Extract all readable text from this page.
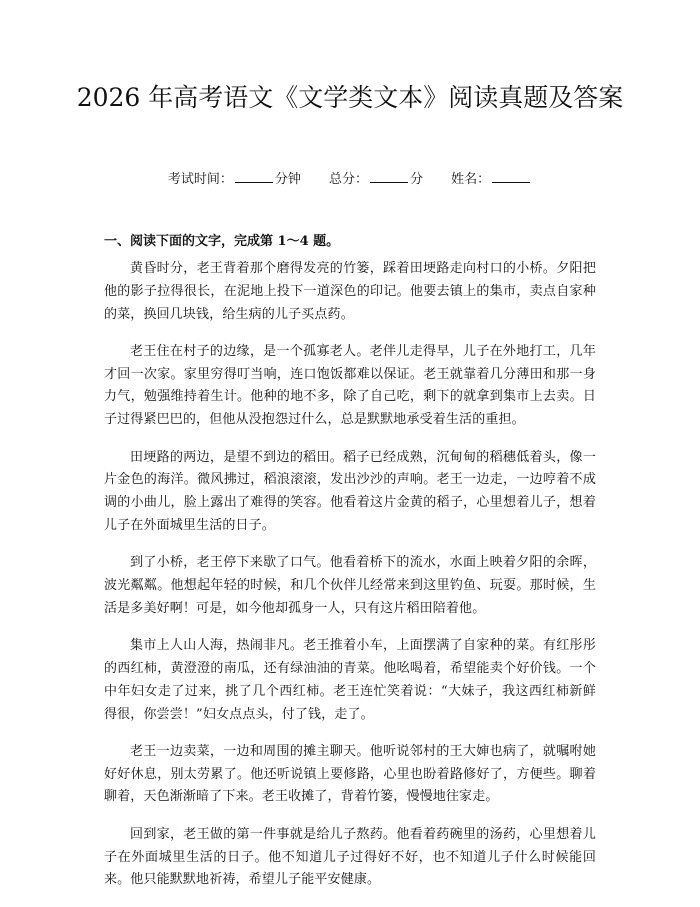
2026 年高考语文《文学类文本》阅读真题及答案
考试时间：	分钟 总分：	分 姓名：
一、阅读下面的文字，完成第 1～4 题。

黄昏时分，老王背着那个磨得发亮的竹篓，踩着田埂路走向村口的小桥。夕阳把他的影子拉得很长，在泥地上投下一道深色的印记。他要去镇上的集市，卖点自家种的菜，换回几块钱，给生病的儿子买点药。

老王住在村子的边缘，是一个孤寡老人。老伴儿走得早，儿子在外地打工，几年才回一次家。家里穷得叮当响，连口饱饭都难以保证。老王就靠着几分薄田和那一身力气，勉强维持着生计。他种的地不多，除了自己吃，剩下的就拿到集市上去卖。日子过得紧巴巴的，但他从没抱怨过什么，总是默默地承受着生活的重担。

田埂路的两边，是望不到边的稻田。稻子已经成熟，沉甸甸的稻穗低着头，像一片金色的海洋。微风拂过，稻浪滚滚，发出沙沙的声响。老王一边走，一边哼着不成调的小曲儿，脸上露出了难得的笑容。他看着这片金黄的稻子，心里想着儿子，想着儿子在外面城里生活的日子。

到了小桥，老王停下来歇了口气。他看着桥下的流水，水面上映着夕阳的余晖，波光粼粼。他想起年轻的时候，和几个伙伴儿经常来到这里钓鱼、玩耍。那时候，生活是多美好啊！可是，如今他却孤身一人，只有这片稻田陪着他。

集市上人山人海，热闹非凡。老王推着小车，上面摆满了自家种的菜。有红彤彤的西红柿，黄澄澄的南瓜，还有绿油油的青菜。他吆喝着，希望能卖个好价钱。一个中年妇女走了过来，挑了几个西红柿。老王连忙笑着说：“大妹子，我这西红柿新鲜得很，你尝尝！”妇女点点头，付了钱，走了。

老王一边卖菜，一边和周围的摊主聊天。他听说邻村的王大婶也病了，就嘱咐她好好休息，别太劳累了。他还听说镇上要修路，心里也盼着路修好了，方便些。聊着聊着，天色渐渐暗了下来。老王收摊了，背着竹篓，慢慢地往家走。

回到家，老王做的第一件事就是给儿子熬药。他看着药碗里的汤药，心里想着儿子在外面城里生活的日子。他不知道儿子过得好不好，也不知道儿子什么时候能回来。他只能默默地祈祷，希望儿子能平安健康。
